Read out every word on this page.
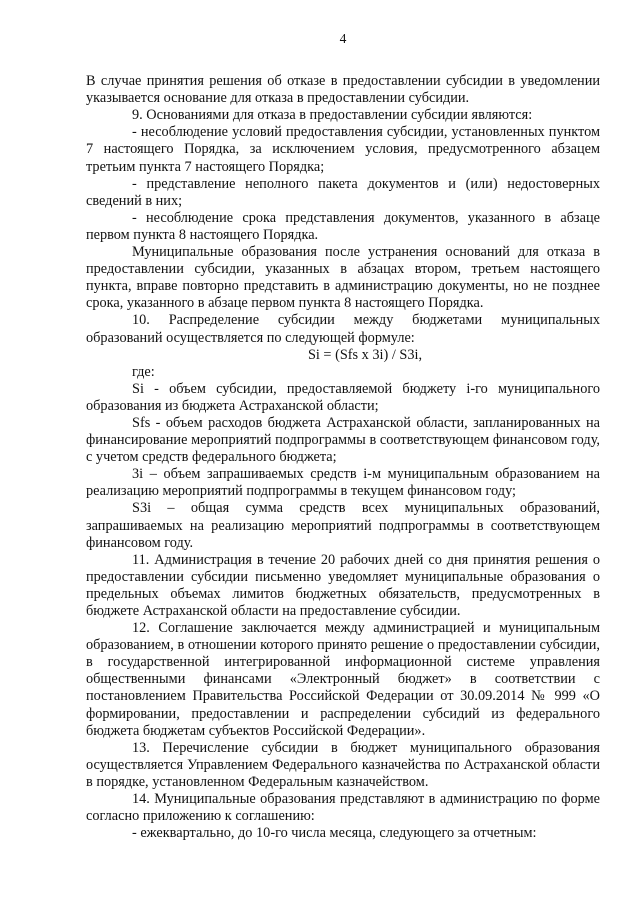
4

В случае принятия решения об отказе в предоставлении субсидии в уведомлении указывается основание для отказа в предоставлении субсидии.

9. Основаниями для отказа в предоставлении субсидии являются:

- несоблюдение условий предоставления субсидии, установленных пунктом 7 настоящего Порядка, за исключением условия, предусмотренного абзацем третьим пункта 7 настоящего Порядка;

- представление неполного пакета документов и (или) недостоверных сведений в них;

- несоблюдение срока представления документов, указанного в абзаце первом пункта 8 настоящего Порядка.

Муниципальные образования после устранения оснований для отказа в предоставлении субсидии, указанных в абзацах втором, третьем настоящего пункта, вправе повторно представить в администрацию документы, но не позднее срока, указанного в абзаце первом пункта 8 настоящего Порядка.

10. Распределение субсидии между бюджетами муниципальных образований осуществляется по следующей формуле:

Si = (Sfs x 3i) / S3i,

где:

Si - объем субсидии, предоставляемой бюджету i-го муниципального образования из бюджета Астраханской области;

Sfs - объем расходов бюджета Астраханской области, запланированных на финансирование мероприятий подпрограммы в соответствующем финансовом году, с учетом средств федерального бюджета;

3i – объем запрашиваемых средств i-м муниципальным образованием на реализацию мероприятий подпрограммы в текущем финансовом году;

S3i – общая сумма средств всех муниципальных образований, запрашиваемых на реализацию мероприятий подпрограммы в соответствующем финансовом году.

11. Администрация в течение 20 рабочих дней со дня принятия решения о предоставлении субсидии письменно уведомляет муниципальные образования о предельных объемах лимитов бюджетных обязательств, предусмотренных в бюджете Астраханской области на предоставление субсидии.

12. Соглашение заключается между администрацией и муниципальным образованием, в отношении которого принято решение о предоставлении субсидии, в государственной интегрированной информационной системе управления общественными финансами «Электронный бюджет» в соответствии с постановлением Правительства Российской Федерации от 30.09.2014 № 999 «О формировании, предоставлении и распределении субсидий из федерального бюджета бюджетам субъектов Российской Федерации».

13. Перечисление субсидии в бюджет муниципального образования осуществляется Управлением Федерального казначейства по Астраханской области в порядке, установленном Федеральным казначейством.

14. Муниципальные образования представляют в администрацию по форме согласно приложению к соглашению:

- ежеквартально, до 10-го числа месяца, следующего за отчетным:
